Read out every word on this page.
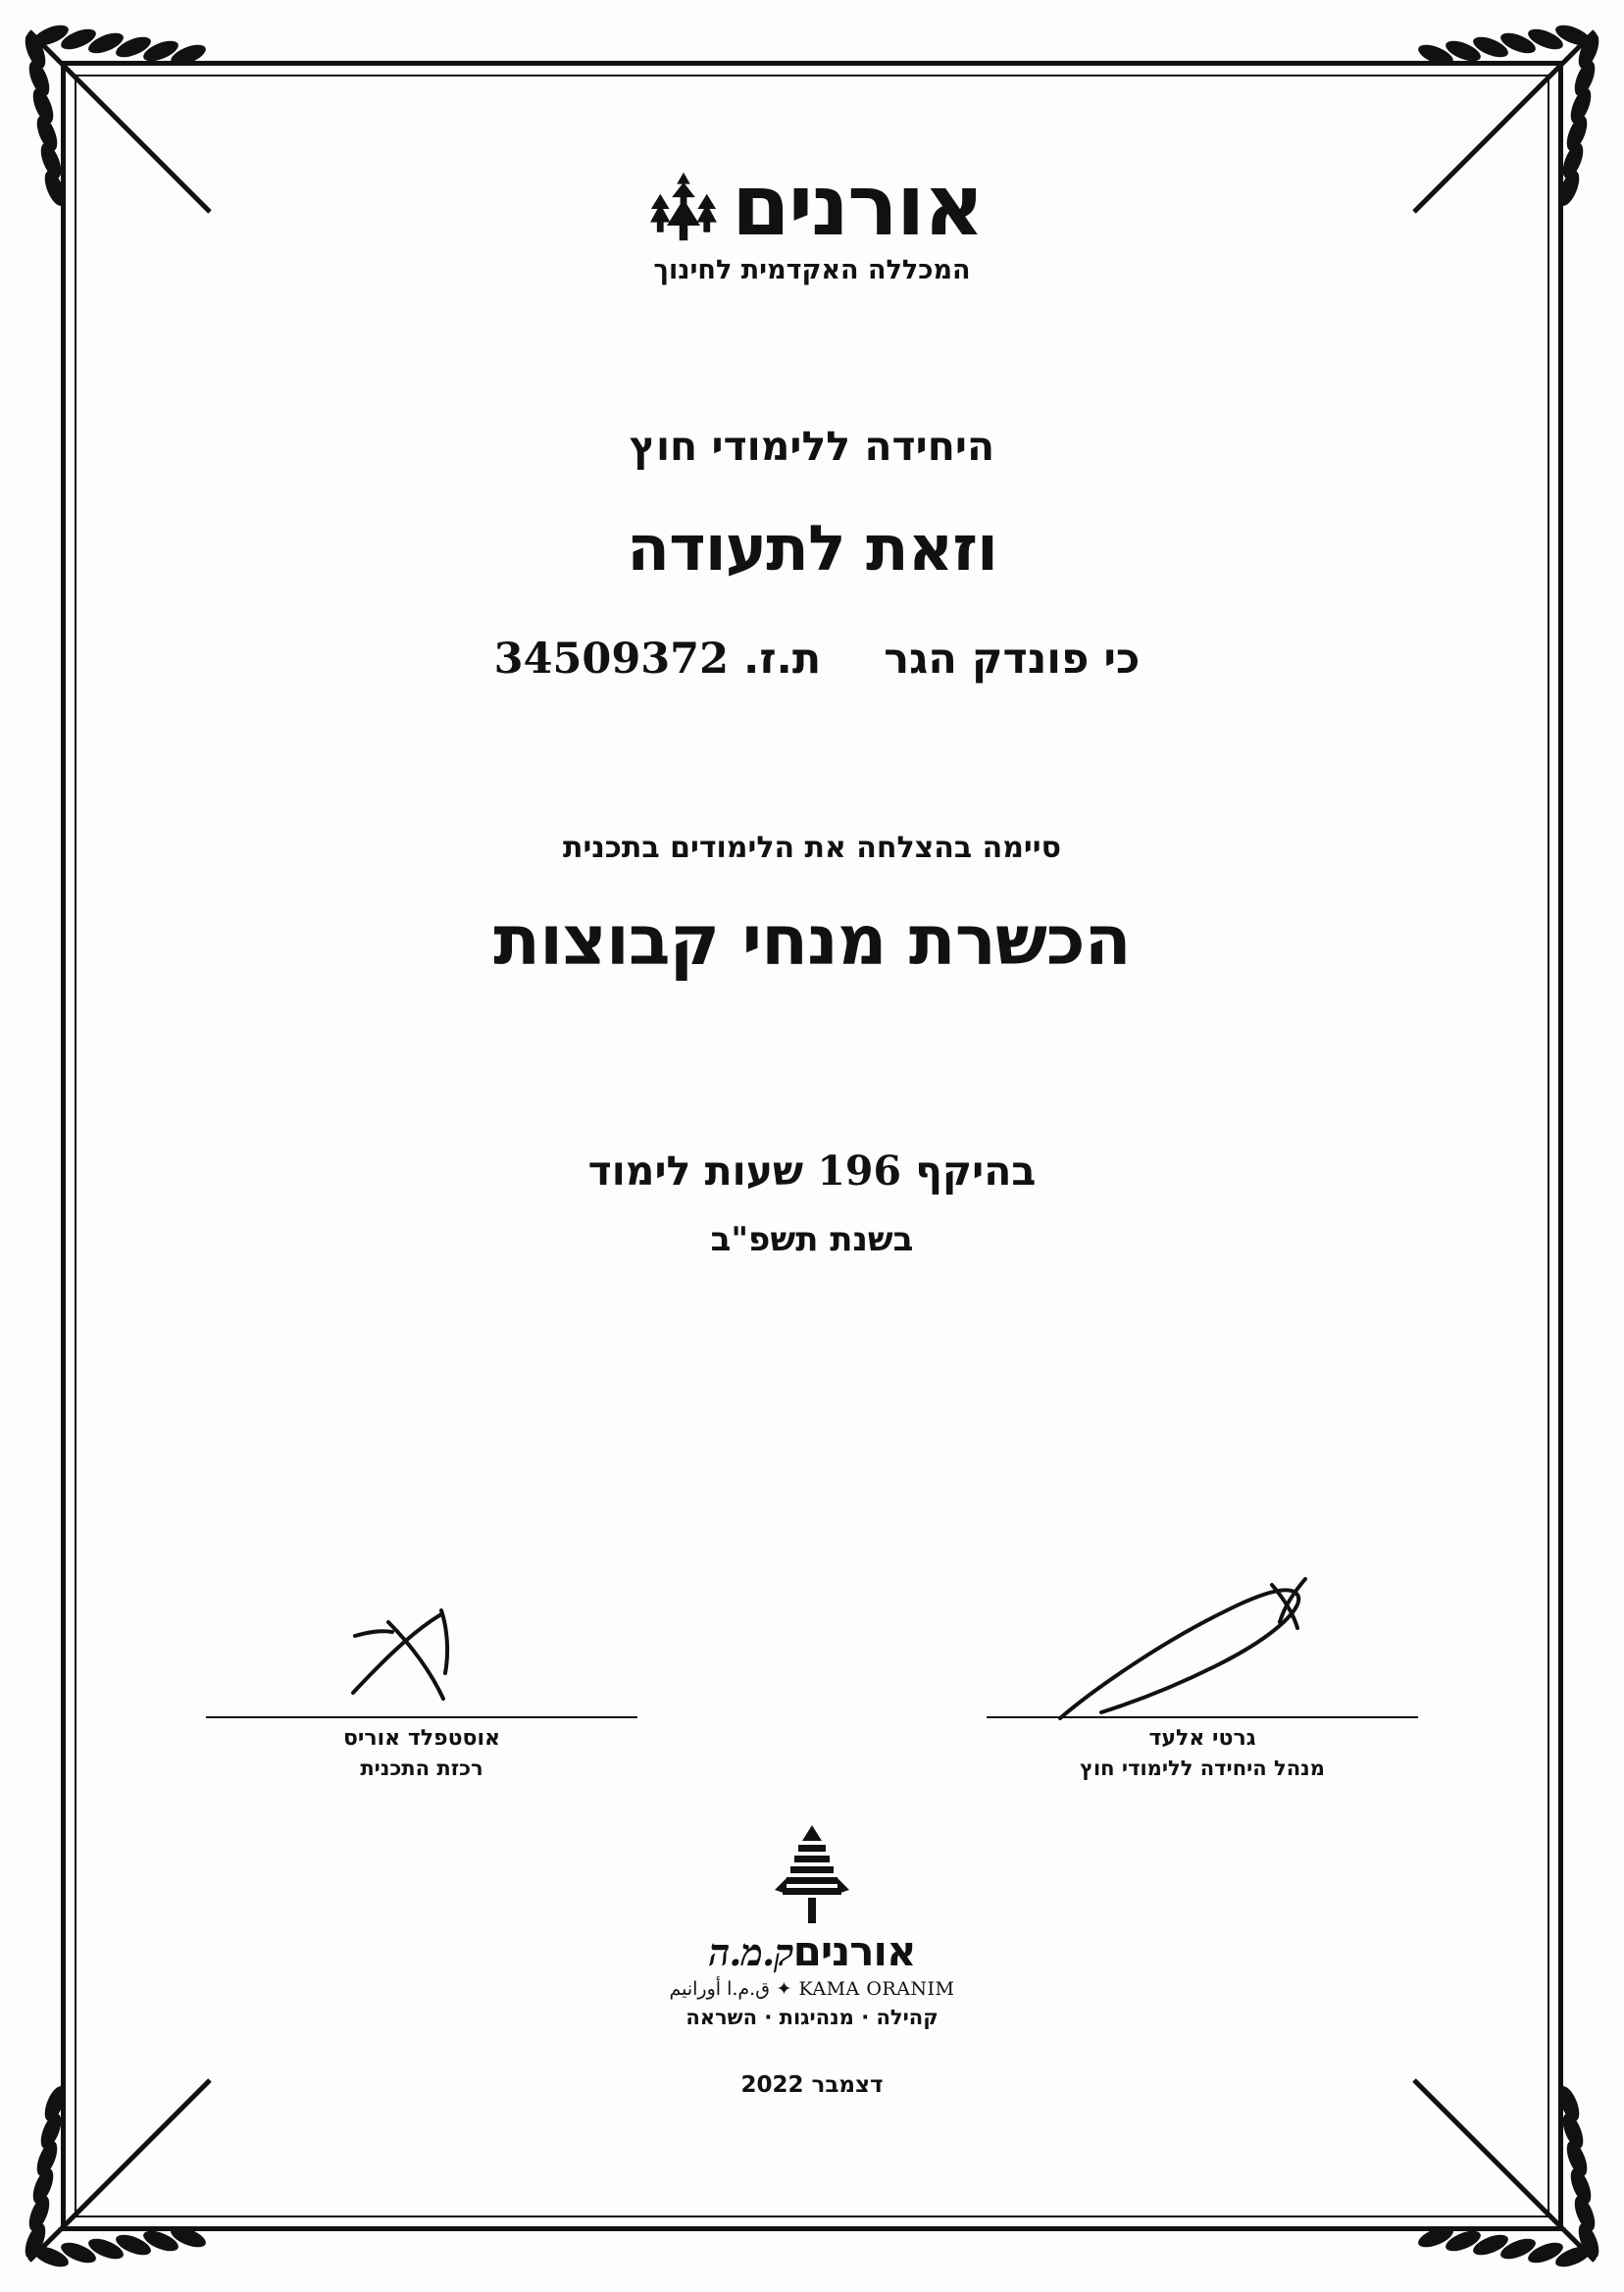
אורנים
המכללה האקדמית לחינוך
היחידה ללימודי חוץ
וזאת לתעודה
כי פונדק הגר
ת.ז. 34509372
סיימה בהצלחה את הלימודים בתכנית
הכשרת מנחי קבוצות
בהיקף 196 שעות לימוד
בשנת תשפ"ב
גרטי אלעד
מנהל היחידה ללימודי חוץ
אוסטפלד אוריס
רכזת התכנית
אורניםק.מ.ה
KAMA ORANIM ✦ ق.م.ا أورانيم
קהילה · מנהיגות · השראה
דצמבר 2022
